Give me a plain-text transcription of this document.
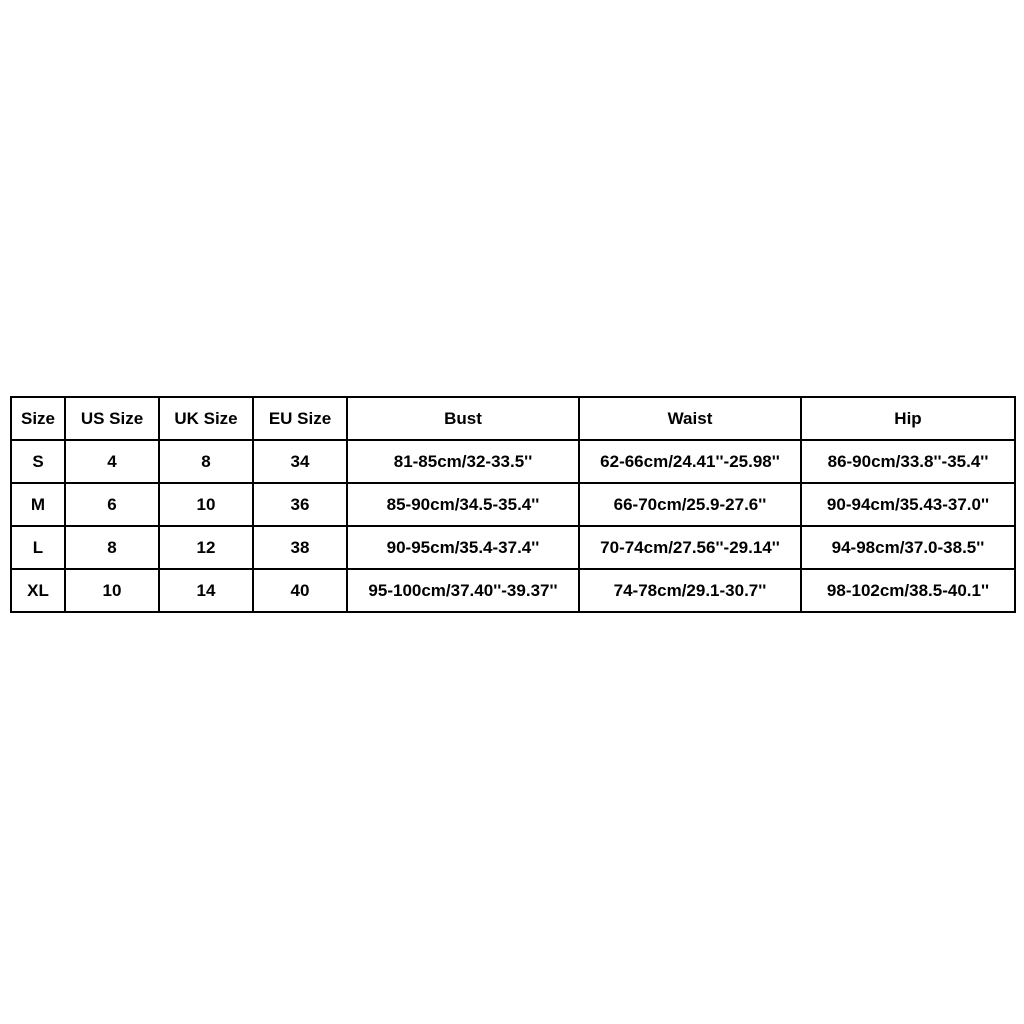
Size	US Size	UK Size	EU Size	Bust	Waist	Hip
S	4	8	34	81-85cm/32-33.5''	62-66cm/24.41''-25.98''	86-90cm/33.8''-35.4''
M	6	10	36	85-90cm/34.5-35.4''	66-70cm/25.9-27.6''	90-94cm/35.43-37.0''
L	8	12	38	90-95cm/35.4-37.4''	70-74cm/27.56''-29.14''	94-98cm/37.0-38.5''
XL	10	14	40	95-100cm/37.40''-39.37''	74-78cm/29.1-30.7''	98-102cm/38.5-40.1''
